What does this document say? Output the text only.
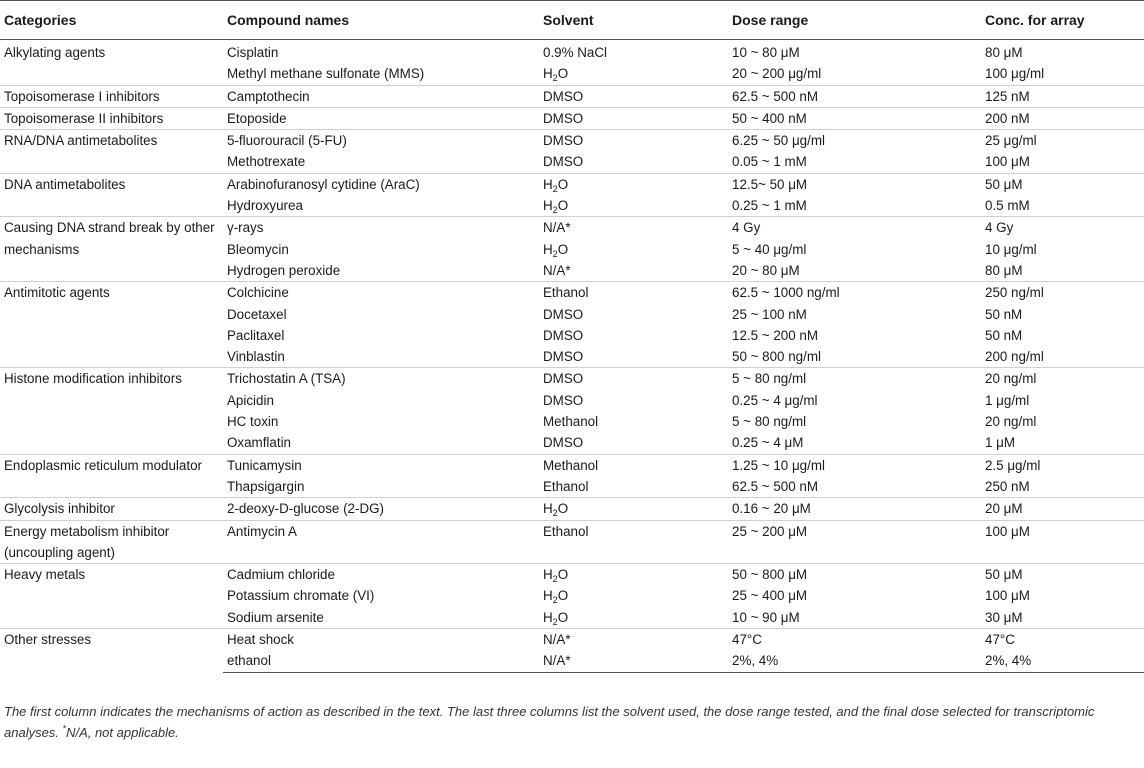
Categories	Compound names	Solvent	Dose range	Conc. for array
Alkylating agents	Cisplatin	0.9% NaCl	10 ~ 80 μM	80 μM
	Methyl methane sulfonate (MMS)	$H_2O$	20 ~ 200 μg/ml	100 μg/ml
Topoisomerase I inhibitors	Camptothecin	DMSO	62.5 ~ 500 nM	125 nM
Topoisomerase II inhibitors	Etoposide	DMSO	50 ~ 400 nM	200 nM
RNA/DNA antimetabolites	5-fluorouracil (5-FU)	DMSO	6.25 ~ 50 μg/ml	25 μg/ml
	Methotrexate	DMSO	0.05 ~ 1 mM	100 μM
DNA antimetabolites	Arabinofuranosyl cytidine (AraC)	$H_2O$	12.5~ 50 μM	50 μM
	Hydroxyurea	$H_2O$	0.25 ~ 1 mM	0.5 mM
Causing DNA strand break by other mechanisms	γ-rays	N/A*	4 Gy	4 Gy
	Bleomycin	$H_2O$	5 ~ 40 μg/ml	10 μg/ml
	Hydrogen peroxide	N/A*	20 ~ 80 μM	80 μM
Antimitotic agents	Colchicine	Ethanol	62.5 ~ 1000 ng/ml	250 ng/ml
	Docetaxel	DMSO	25 ~ 100 nM	50 nM
	Paclitaxel	DMSO	12.5 ~ 200 nM	50 nM
	Vinblastin	DMSO	50 ~ 800 ng/ml	200 ng/ml
Histone modification inhibitors	Trichostatin A (TSA)	DMSO	5 ~ 80 ng/ml	20 ng/ml
	Apicidin	DMSO	0.25 ~ 4 μg/ml	1 μg/ml
	HC toxin	Methanol	5 ~ 80 ng/ml	20 ng/ml
	Oxamflatin	DMSO	0.25 ~ 4 μM	1 μM
Endoplasmic reticulum modulator	Tunicamysin	Methanol	1.25 ~ 10 μg/ml	2.5 μg/ml
	Thapsigargin	Ethanol	62.5 ~ 500 nM	250 nM
Glycolysis inhibitor	2-deoxy-D-glucose (2-DG)	$H_2O$	0.16 ~ 20 μM	20 μM
Energy metabolism inhibitor (uncoupling agent)	Antimycin A	Ethanol	25 ~ 200 μM	100 μM

Heavy metals	Cadmium chloride	$H_2O$	50 ~ 800 μM	50 μM
	Potassium chromate (VI)	$H_2O$	25 ~ 400 μM	100 μM
	Sodium arsenite	$H_2O$	10 ~ 90 μM	30 μM
Other stresses	Heat shock	N/A*	47°C	47°C
	ethanol	N/A*	2%, 4%	2%, 4%
The first column indicates the mechanisms of action as described in the text. The last three columns list the solvent used, the dose range tested, and the final dose selected for transcriptomic analyses. *N/A, not applicable.
